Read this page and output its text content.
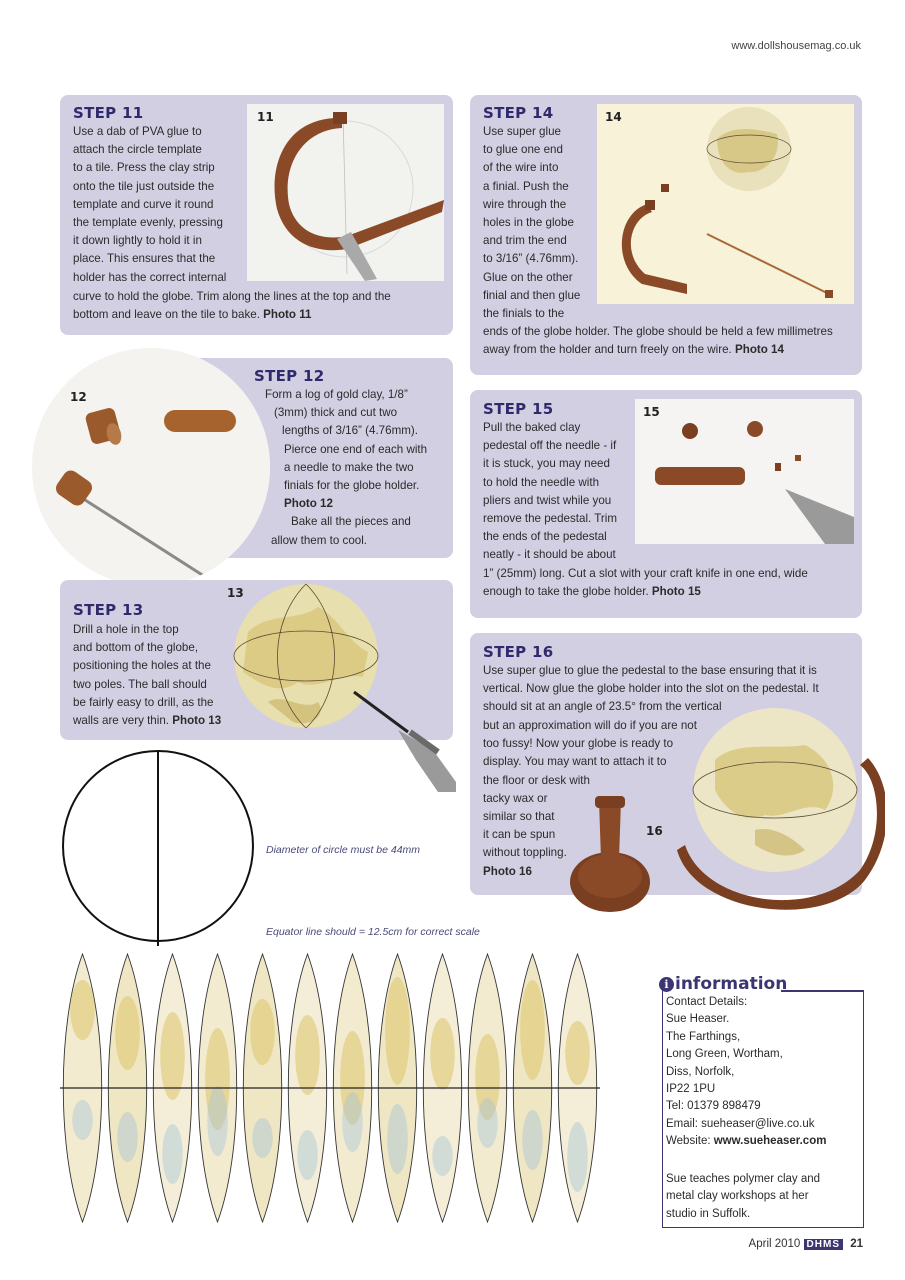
www.dollshousemag.co.uk
STEP 11
Use a dab of PVA glue to
attach the circle template
to a tile. Press the clay strip
onto the tile just outside the
template and curve it round
the template evenly, pressing
it down lightly to hold it in
place. This ensures that the
holder has the correct internal
curve to hold the globe. Trim along the lines at the top and the
bottom and leave on the tile to bake. Photo 11
11
STEP 12
Form a log of gold clay, 1/8”
(3mm) thick and cut two
lengths of 3/16” (4.76mm).
Pierce one end of each with
a needle to make the two
finials for the globe holder.
Photo 12
Bake all the pieces and
allow them to cool.
12
STEP 13
Drill a hole in the top
and bottom of the globe,
positioning the holes at the
two poles. The ball should
be fairly easy to drill, as the
walls are very thin. Photo 13
13
STEP 14
Use super glue
to glue one end
of the wire into
a finial. Push the
wire through the
holes in the globe
and trim the end
to 3/16” (4.76mm).
Glue on the other
finial and then glue
the finials to the
ends of the globe holder. The globe should be held a few millimetres
away from the holder and turn freely on the wire. Photo 14
14
STEP 15
Pull the baked clay
pedestal off the needle - if
it is stuck, you may need
to hold the needle with
pliers and twist while you
remove the pedestal. Trim
the ends of the pedestal
neatly - it should be about
1” (25mm) long. Cut a slot with your craft knife in one end, wide
enough to take the globe holder. Photo 15
15
STEP 16
Use super glue to glue the pedestal to the base ensuring that it is
vertical. Now glue the globe holder into the slot on the pedestal. It
should sit at an angle of 23.5° from the vertical
but an approximation will do if you are not
too fussy! Now your globe is ready to
display. You may want to attach it to
the floor or desk with
tacky wax or
similar so that
it can be spun
without toppling.
Photo 16
16
Diameter of circle must be 44mm
Equator line should = 12.5cm for correct scale
i information
Contact Details:
Sue Heaser.
The Farthings,
Long Green, Wortham,
Diss, Norfolk,
IP22 1PU
Tel: 01379 898479
Email: sueheaser@live.co.uk
Website: www.sueheaser.com
Sue teaches polymer clay and
metal clay workshops at her
studio in Suffolk.
April 2010 DHMS 21
